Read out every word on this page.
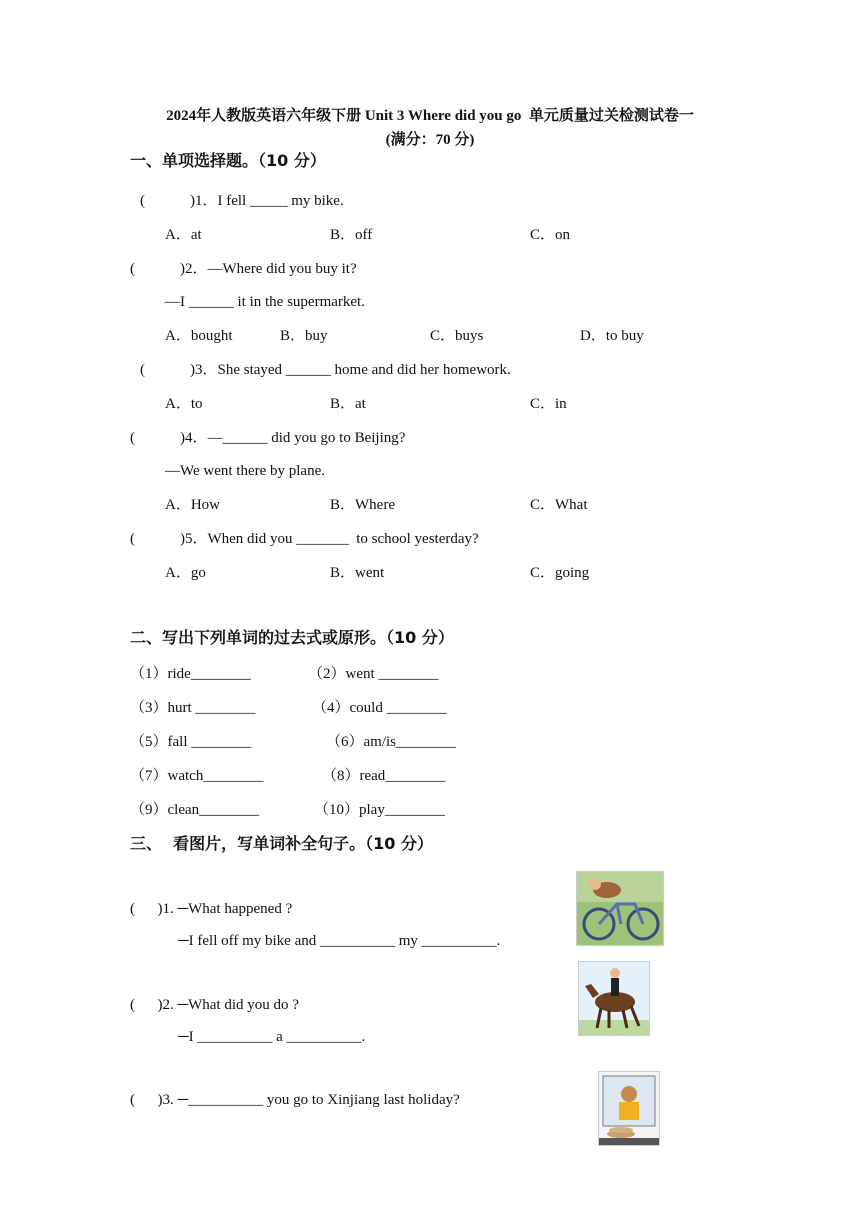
2024年人教版英语六年级下册 Unit 3 Where did you go  单元质量过关检测试卷一
(满分：70 分)
一、单项选择题。（10 分）
(            )1．I fell _____ my bike.
A．at	B．off	C．on
(            )2．—Where did you buy it?
—I ______ it in the supermarket.
A．bought	B．buy	C．buys	D．to buy
(            )3．She stayed ______ home and did her homework.
A．to	B．at	C．in
(            )4．—______ did you go to Beijing?
—We went there by plane.
A．How	B．Where	C．What
(            )5．When did you _______  to school yesterday?
A．go	B．went	C．going
二、写出下列单词的过去式或原形。（10 分）
（1）ride________	（2）went ________
（3）hurt ________	（4）could ________
（5）fall ________	（6）am/is________
（7）watch________	（8）read________
（9）clean________	（10）play________
三、  看图片，写单词补全句子。（10 分）
(      )1. ─What happened ?
─I fell off my bike and __________ my __________.
(      )2. ─What did you do ?
─I __________ a __________.
(      )3. ─__________ you go to Xinjiang last holiday?
